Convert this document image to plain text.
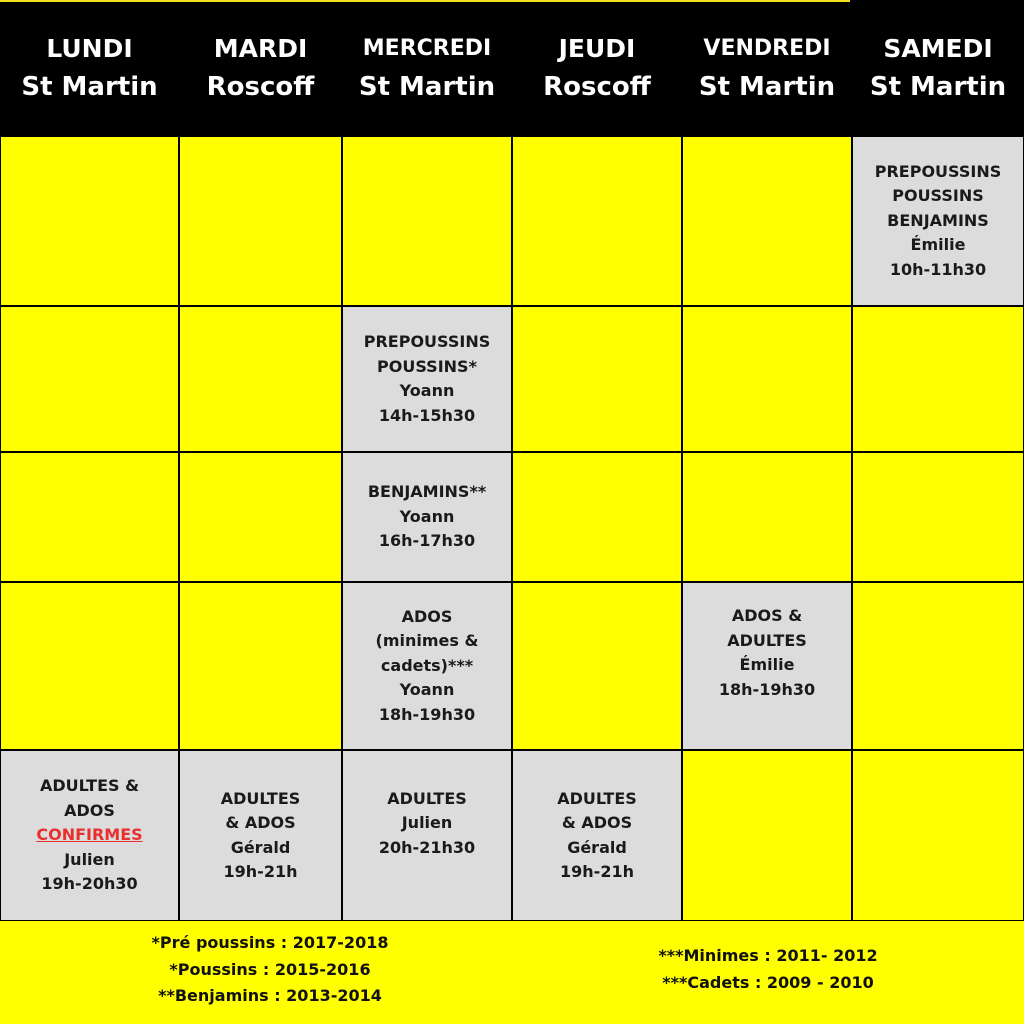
LUNDI
St Martin
MARDI
Roscoff
MERCREDI
St Martin
JEUDI
Roscoff
VENDREDI
St Martin
SAMEDI
St Martin
PREPOUSSINS
POUSSINS
BENJAMINS
Émilie
10h-11h30
PREPOUSSINS
POUSSINS*
Yoann
14h-15h30
BENJAMINS**
Yoann
16h-17h30
ADOS
(minimes &
cadets)***
Yoann
18h-19h30
ADOS &
ADULTES
Émilie
18h-19h30
ADULTES &
ADOS
CONFIRMES
Julien
19h-20h30
ADULTES
& ADOS
Gérald
19h-21h
ADULTES
Julien
20h-21h30
ADULTES
& ADOS
Gérald
19h-21h
*Pré poussins : 2017-2018
*Poussins : 2015-2016
**Benjamins : 2013-2014
***Minimes : 2011- 2012
***Cadets : 2009 - 2010
